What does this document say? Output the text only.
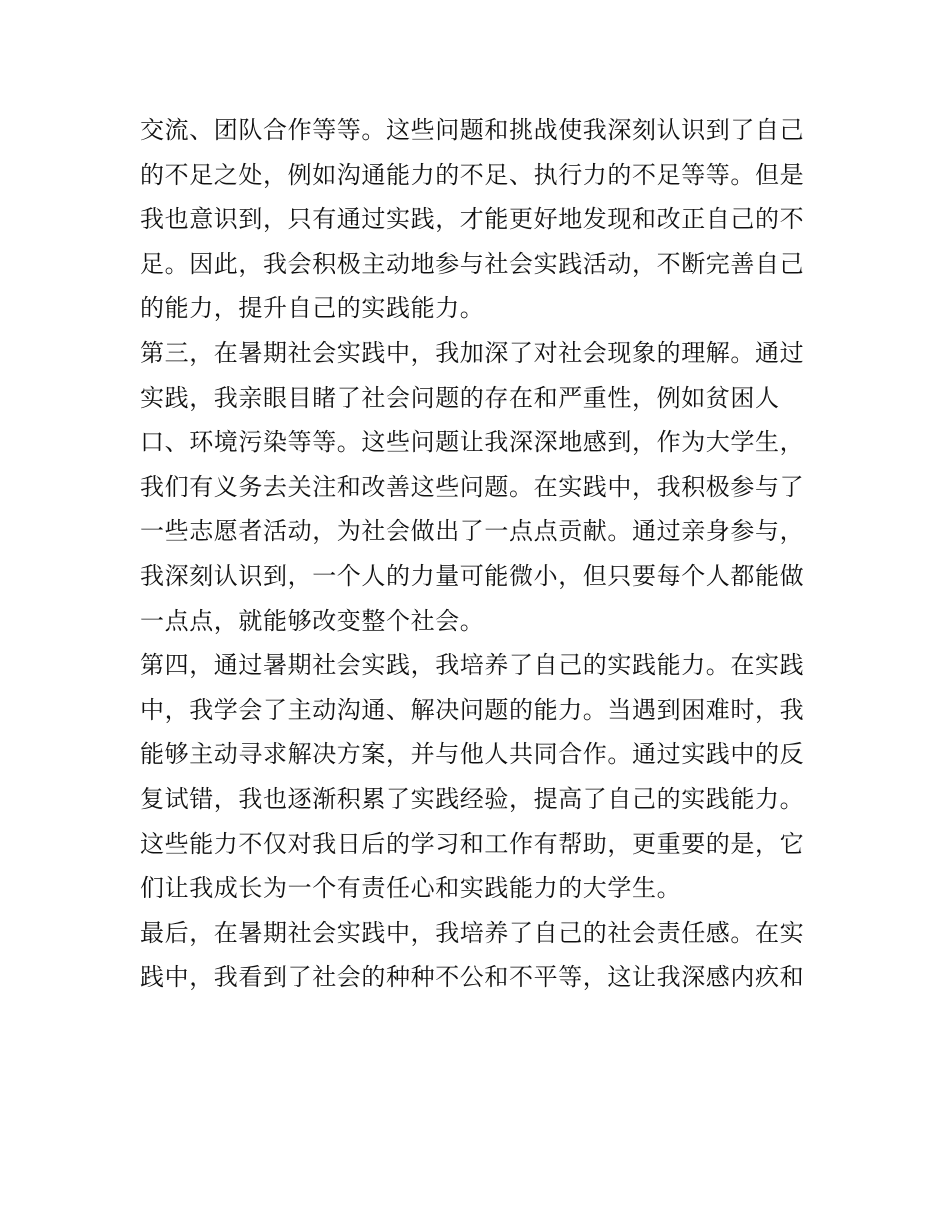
交流、团队合作等等。这些问题和挑战使我深刻认识到了自己
的不足之处，例如沟通能力的不足、执行力的不足等等。但是
我也意识到，只有通过实践，才能更好地发现和改正自己的不
足。因此，我会积极主动地参与社会实践活动，不断完善自己
的能力，提升自己的实践能力。
第三，在暑期社会实践中，我加深了对社会现象的理解。通过
实践，我亲眼目睹了社会问题的存在和严重性，例如贫困人
口、环境污染等等。这些问题让我深深地感到，作为大学生，
我们有义务去关注和改善这些问题。在实践中，我积极参与了
一些志愿者活动，为社会做出了一点点贡献。通过亲身参与，
我深刻认识到，一个人的力量可能微小，但只要每个人都能做
一点点，就能够改变整个社会。
第四，通过暑期社会实践，我培养了自己的实践能力。在实践
中，我学会了主动沟通、解决问题的能力。当遇到困难时，我
能够主动寻求解决方案，并与他人共同合作。通过实践中的反
复试错，我也逐渐积累了实践经验，提高了自己的实践能力。
这些能力不仅对我日后的学习和工作有帮助，更重要的是，它
们让我成长为一个有责任心和实践能力的大学生。
最后，在暑期社会实践中，我培养了自己的社会责任感。在实
践中，我看到了社会的种种不公和不平等，这让我深感内疚和
